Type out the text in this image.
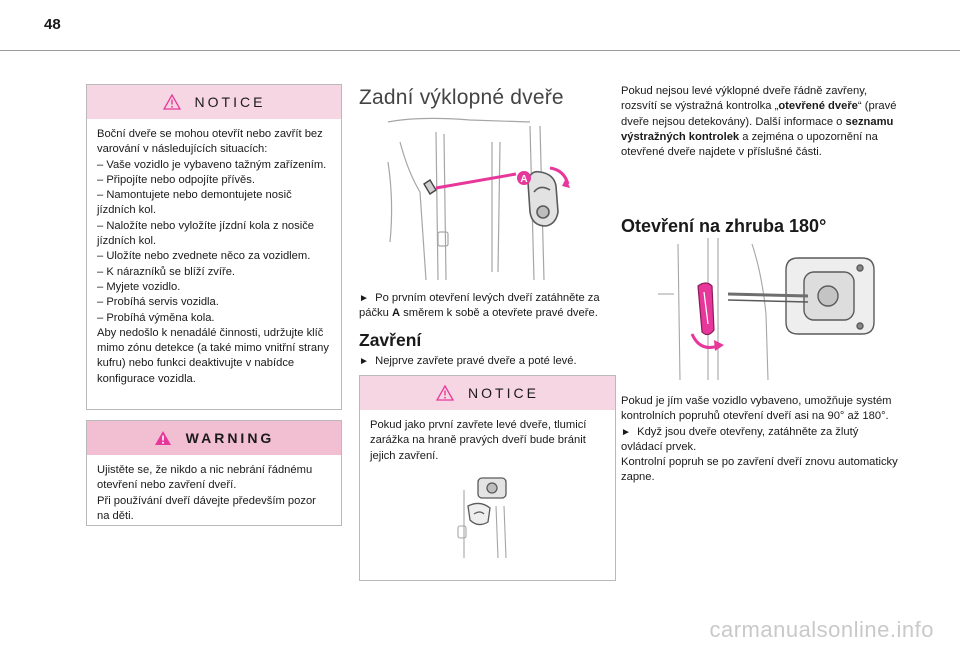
48
NOTICE

Boční dveře se mohou otevřít nebo zavřít bez varování v následujících situacích:
– Vaše vozidlo je vybaveno tažným zařízením.
– Připojíte nebo odpojíte přívěs.
– Namontujete nebo demontujete nosič jízdních kol.
– Naložíte nebo vyložíte jízdní kola z nosiče jízdních kol.
– Uložíte nebo zvednete něco za vozidlem.
– K nárazníků se blíží zvíře.
– Myjete vozidlo.
– Probíhá servis vozidla.
– Probíhá výměna kola.
Aby nedošlo k nenadálé činnosti, udržujte klíč mimo zónu detekce (a také mimo vnitřní strany kufru) nebo funkci deaktivujte v nabídce konfigurace vozidla.

WARNING

Ujistěte se, že nikdo a nic nebrání řádnému otevření nebo zavření dveří.
Při používání dveří dávejte především pozor na děti.

Zadní výklopné dveře
A
► Po prvním otevření levých dveří zatáhněte za páčku A směrem k sobě a otevřete pravé dveře.
Zavření
► Nejprve zavřete pravé dveře a poté levé.
NOTICE

Pokud jako první zavřete levé dveře, tlumicí zarážka na hraně pravých dveří bude bránit jejich zavření.

Pokud nejsou levé výklopné dveře řádně zavřeny, rozsvítí se výstražná kontrolka „otevřené dveře“ (pravé dveře nejsou detekovány). Další informace o seznamu výstražných kontrolek a zejména o upozornění na otevřené dveře najdete v příslušné části.
Otevření na zhruba 180°
Pokud je jím vaše vozidlo vybaveno, umožňuje systém kontrolních popruhů otevření dveří asi na 90° až 180°.
► Když jsou dveře otevřeny, zatáhněte za žlutý ovládací prvek.
Kontrolní popruh se po zavření dveří znovu automaticky zapne.
carmanualsonline.info
